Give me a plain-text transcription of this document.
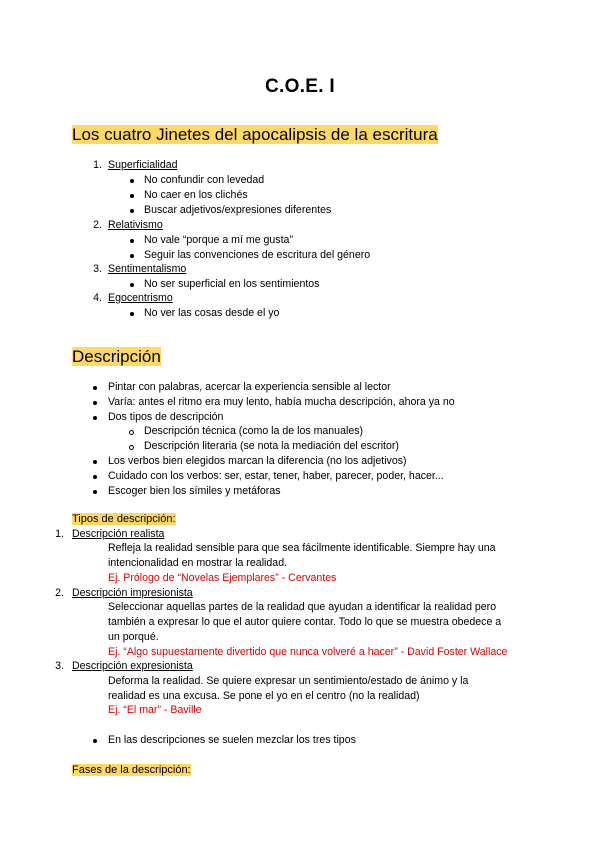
C.O.E. I
Los cuatro Jinetes del apocalipsis de la escritura
1. Superficialidad
No confundir con levedad
No caer en los clichés
Buscar adjetivos/expresiones diferentes
2. Relativismo
No vale “porque a mí me gusta”
Seguir las convenciones de escritura del género
3. Sentimentalismo
No ser superficial en los sentimientos
4. Egocentrismo
No ver las cosas desde el yo
Descripción
Pintar con palabras, acercar la experiencia sensible al lector
Varía: antes el ritmo era muy lento, había mucha descripción, ahora ya no
Dos tipos de descripción
Descripción técnica (como la de los manuales)
Descripción literaria (se nota la mediación del escritor)
Los verbos bien elegidos marcan la diferencia (no los adjetivos)
Cuidado con los verbos: ser, estar, tener, haber, parecer, poder, hacer...
Escoger bien los símiles y metáforas
Tipos de descripción:
1. Descripción realista
Refleja la realidad sensible para que sea fácilmente identificable. Siempre hay una
intencionalidad en mostrar la realidad.
Ej. Prólogo de “Novelas Ejemplares” - Cervantes
2. Descripción impresionista
Seleccionar aquellas partes de la realidad que ayudan a identificar la realidad pero
también a expresar lo que el autor quiere contar. Todo lo que se muestra obedece a
un porqué.
Ej. “Algo supuestamente divertido que nunca volveré a hacer” - David Foster Wallace
3. Descripción expresionista
Deforma la realidad. Se quiere expresar un sentimiento/estado de ánimo y la
realidad es una excusa. Se pone el yo en el centro (no la realidad)
Ej. “El mar” - Baville
En las descripciones se suelen mezclar los tres tipos
Fases de la descripción:
